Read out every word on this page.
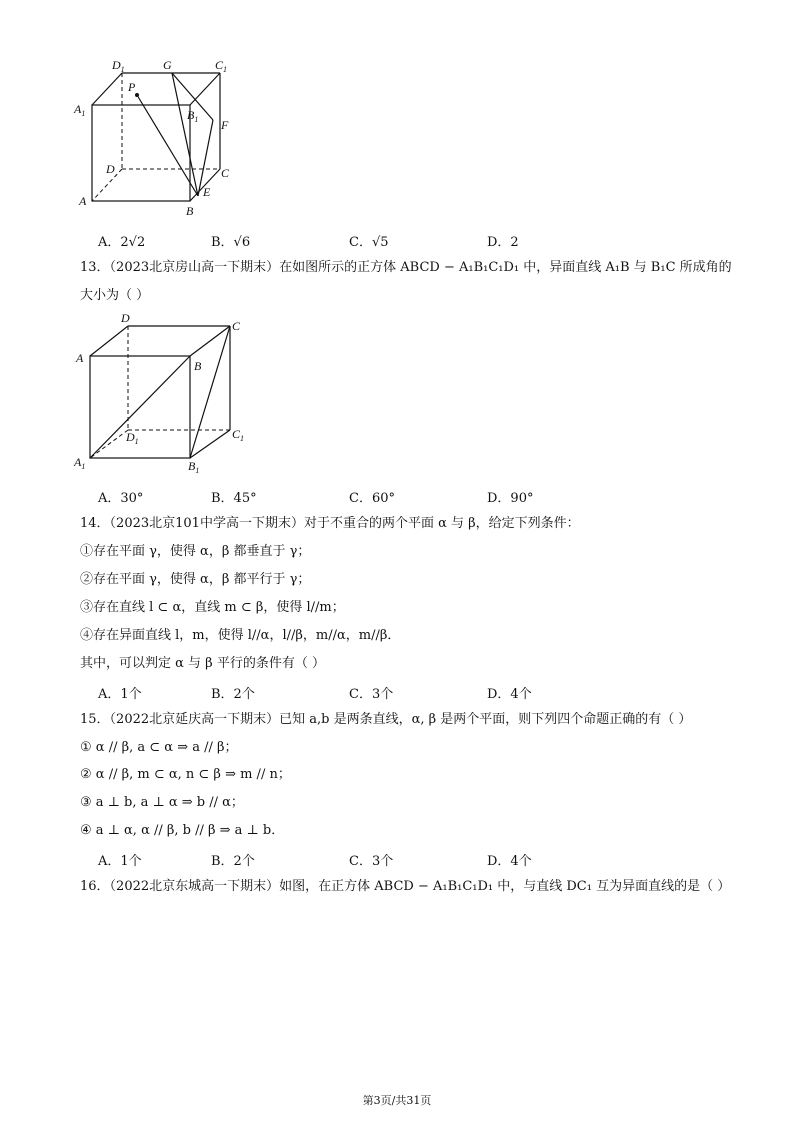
$D_1$	G	$C_1$
P
$A_1$	$B_1$ F
D	C
A
E
B
A．2√2	B．√6	C．√5	D．2
13．（2023北京房山高一下期末）在如图所示的正方体 ABCD − A₁B₁C₁D₁ 中，异面直线 A₁B 与 B₁C 所成角的
大小为（ ）
D
C
A
B
$D_1$
$C_1$
$A_1$	$B_1$
A．30°	B．45°	C．60°	D．90°
14．（2023北京101中学高一下期末）对于不重合的两个平面 α 与 β，给定下列条件：
①存在平面 γ，使得 α，β 都垂直于 γ；
②存在平面 γ，使得 α，β 都平行于 γ；
③存在直线 l ⊂ α，直线 m ⊂ β，使得 l//m；
④存在异面直线 l，m，使得 l//α，l//β，m//α，m//β．
其中，可以判定 α 与 β 平行的条件有（ ）
A．1个	B．2个	C．3个	D．4个
15．（2022北京延庆高一下期末）已知 a,b 是两条直线，α, β 是两个平面，则下列四个命题正确的有（ ）
① α // β, a ⊂ α ⇒ a // β；
② α // β, m ⊂ α, n ⊂ β ⇒ m // n；
③ a ⊥ b, a ⊥ α ⇒ b // α；
④ a ⊥ α, α // β, b // β ⇒ a ⊥ b．
A．1个	B．2个	C．3个	D．4个
16．（2022北京东城高一下期末）如图，在正方体 ABCD − A₁B₁C₁D₁ 中，与直线 DC₁ 互为异面直线的是（ ）
第3页/共31页
